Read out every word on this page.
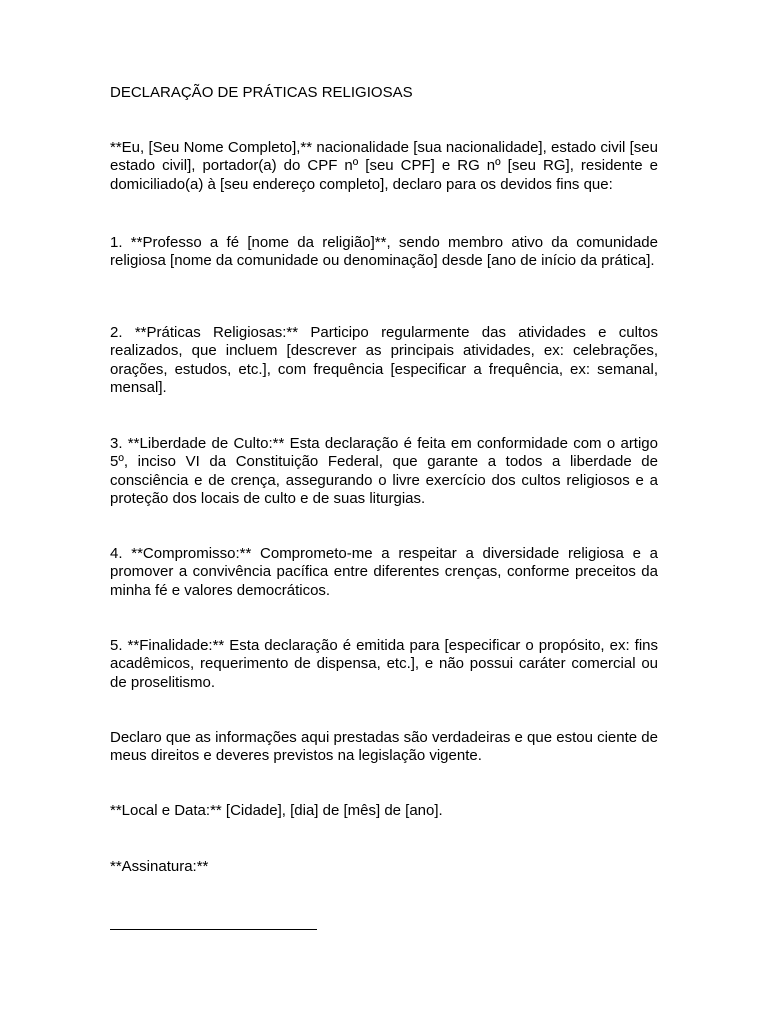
DECLARAÇÃO DE PRÁTICAS RELIGIOSAS

**Eu, [Seu Nome Completo],** nacionalidade [sua nacionalidade], estado civil [seu estado civil], portador(a) do CPF nº [seu CPF] e RG nº [seu RG], residente e domiciliado(a) à [seu endereço completo], declaro para os devidos fins que:

1. **Professo a fé [nome da religião]**, sendo membro ativo da comunidade religiosa [nome da comunidade ou denominação] desde [ano de início da prática].

2. **Práticas Religiosas:** Participo regularmente das atividades e cultos realizados, que incluem [descrever as principais atividades, ex: celebrações, orações, estudos, etc.], com frequência [especificar a frequência, ex: semanal, mensal].

3. **Liberdade de Culto:** Esta declaração é feita em conformidade com o artigo 5º, inciso VI da Constituição Federal, que garante a todos a liberdade de consciência e de crença, assegurando o livre exercício dos cultos religiosos e a proteção dos locais de culto e de suas liturgias.

4. **Compromisso:** Comprometo-me a respeitar a diversidade religiosa e a promover a convivência pacífica entre diferentes crenças, conforme preceitos da minha fé e valores democráticos.

5. **Finalidade:** Esta declaração é emitida para [especificar o propósito, ex: fins acadêmicos, requerimento de dispensa, etc.], e não possui caráter comercial ou de proselitismo.

Declaro que as informações aqui prestadas são verdadeiras e que estou ciente de meus direitos e deveres previstos na legislação vigente.

**Local e Data:** [Cidade], [dia] de [mês] de [ano].

**Assinatura:**
